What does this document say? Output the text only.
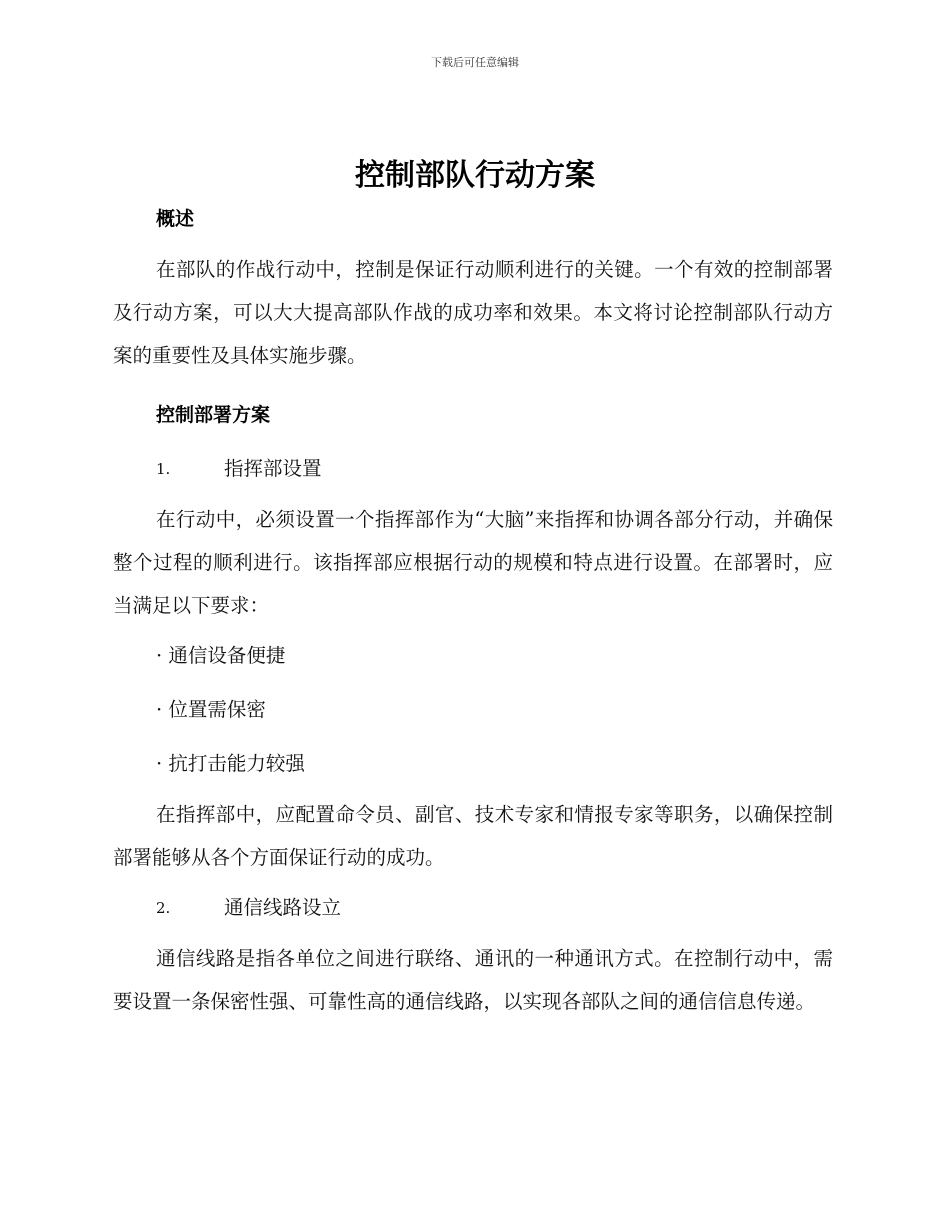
下载后可任意编辑
控制部队行动方案
概述

在部队的作战行动中，控制是保证行动顺利进行的关键。一个有效的控制部署及行动方案，可以大大提高部队作战的成功率和效果。本文将讨论控制部队行动方案的重要性及具体实施步骤。

控制部署方案
1.	指挥部设置

在行动中，必须设置一个指挥部作为“大脑”来指挥和协调各部分行动，并确保整个过程的顺利进行。该指挥部应根据行动的规模和特点进行设置。在部署时，应当满足以下要求：

· 通信设备便捷
· 位置需保密
· 抗打击能力较强

在指挥部中，应配置命令员、副官、技术专家和情报专家等职务，以确保控制部署能够从各个方面保证行动的成功。

2.	通信线路设立

通信线路是指各单位之间进行联络、通讯的一种通讯方式。在控制行动中，需要设置一条保密性强、可靠性高的通信线路，以实现各部队之间的通信信息传递。
